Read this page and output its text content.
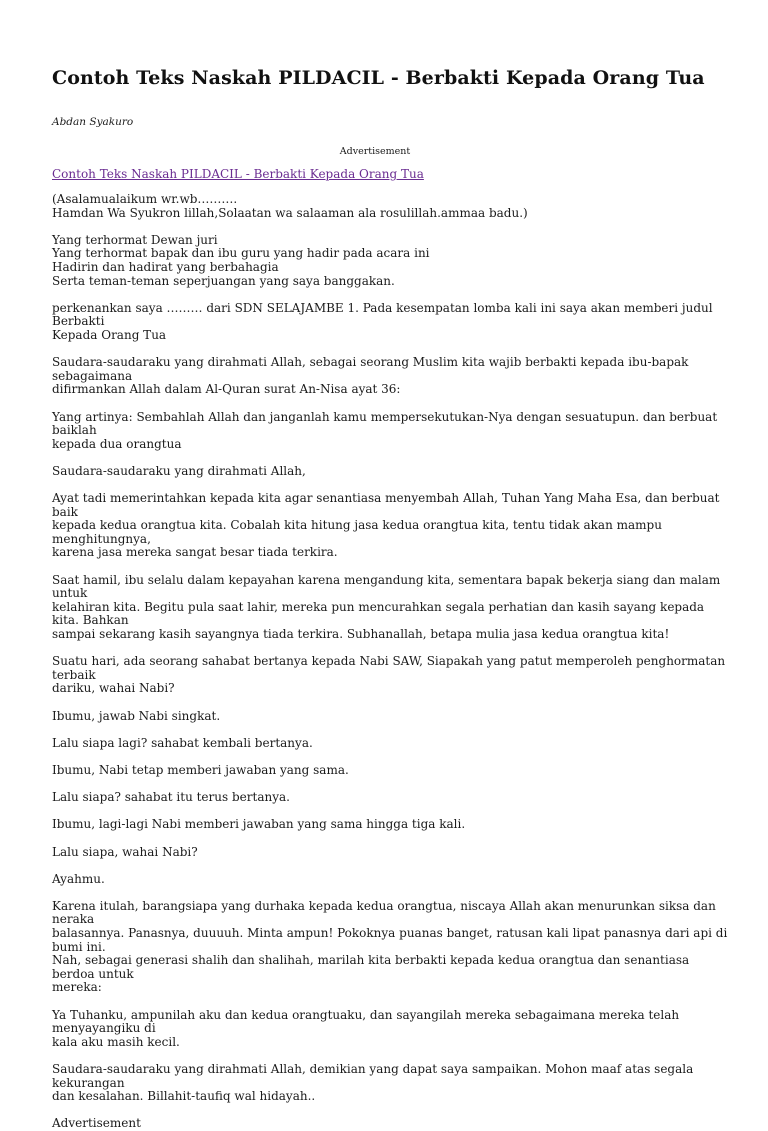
Contoh Teks Naskah PILDACIL - Berbakti Kepada Orang Tua
Abdan Syakuro
Advertisement
Contoh Teks Naskah PILDACIL - Berbakti Kepada Orang Tua

(Asalamualaikum wr.wb……….
Hamdan Wa Syukron lillah,Solaatan wa salaaman ala rosulillah.ammaa badu.)

Yang terhormat Dewan juri
Yang terhormat bapak dan ibu guru yang hadir pada acara ini
Hadirin dan hadirat yang berbahagia
Serta teman-teman seperjuangan yang saya banggakan.

perkenankan saya ……… dari SDN SELAJAMBE 1. Pada kesempatan lomba kali ini saya akan memberi judul Berbakti
Kepada Orang Tua

Saudara-saudaraku yang dirahmati Allah, sebagai seorang Muslim kita wajib berbakti kepada ibu-bapak sebagaimana
difirmankan Allah dalam Al-Quran surat An-Nisa ayat 36:

Yang artinya: Sembahlah Allah dan janganlah kamu mempersekutukan-Nya dengan sesuatupun. dan berbuat baiklah
kepada dua orangtua

Saudara-saudaraku yang dirahmati Allah,

Ayat tadi memerintahkan kepada kita agar senantiasa menyembah Allah, Tuhan Yang Maha Esa, dan berbuat baik
kepada kedua orangtua kita. Cobalah kita hitung jasa kedua orangtua kita, tentu tidak akan mampu menghitungnya,
karena jasa mereka sangat besar tiada terkira.

Saat hamil, ibu selalu dalam kepayahan karena mengandung kita, sementara bapak bekerja siang dan malam untuk
kelahiran kita. Begitu pula saat lahir, mereka pun mencurahkan segala perhatian dan kasih sayang kepada kita. Bahkan
sampai sekarang kasih sayangnya tiada terkira. Subhanallah, betapa mulia jasa kedua orangtua kita!

Suatu hari, ada seorang sahabat bertanya kepada Nabi SAW, Siapakah yang patut memperoleh penghormatan terbaik
dariku, wahai Nabi?

Ibumu, jawab Nabi singkat.

Lalu siapa lagi? sahabat kembali bertanya.

Ibumu, Nabi tetap memberi jawaban yang sama.

Lalu siapa? sahabat itu terus bertanya.

Ibumu, lagi-lagi Nabi memberi jawaban yang sama hingga tiga kali.

Lalu siapa, wahai Nabi?

Ayahmu.

Karena itulah, barangsiapa yang durhaka kepada kedua orangtua, niscaya Allah akan menurunkan siksa dan neraka
balasannya. Panasnya, duuuuh. Minta ampun! Pokoknya puanas banget, ratusan kali lipat panasnya dari api di bumi ini.
Nah, sebagai generasi shalih dan shalihah, marilah kita berbakti kepada kedua orangtua dan senantiasa berdoa untuk
mereka:

Ya Tuhanku, ampunilah aku dan kedua orangtuaku, dan sayangilah mereka sebagaimana mereka telah menyayangiku di
kala aku masih kecil.

Saudara-saudaraku yang dirahmati Allah, demikian yang dapat saya sampaikan. Mohon maaf atas segala kekurangan
dan kesalahan. Billahit-taufiq wal hidayah..

Advertisement
